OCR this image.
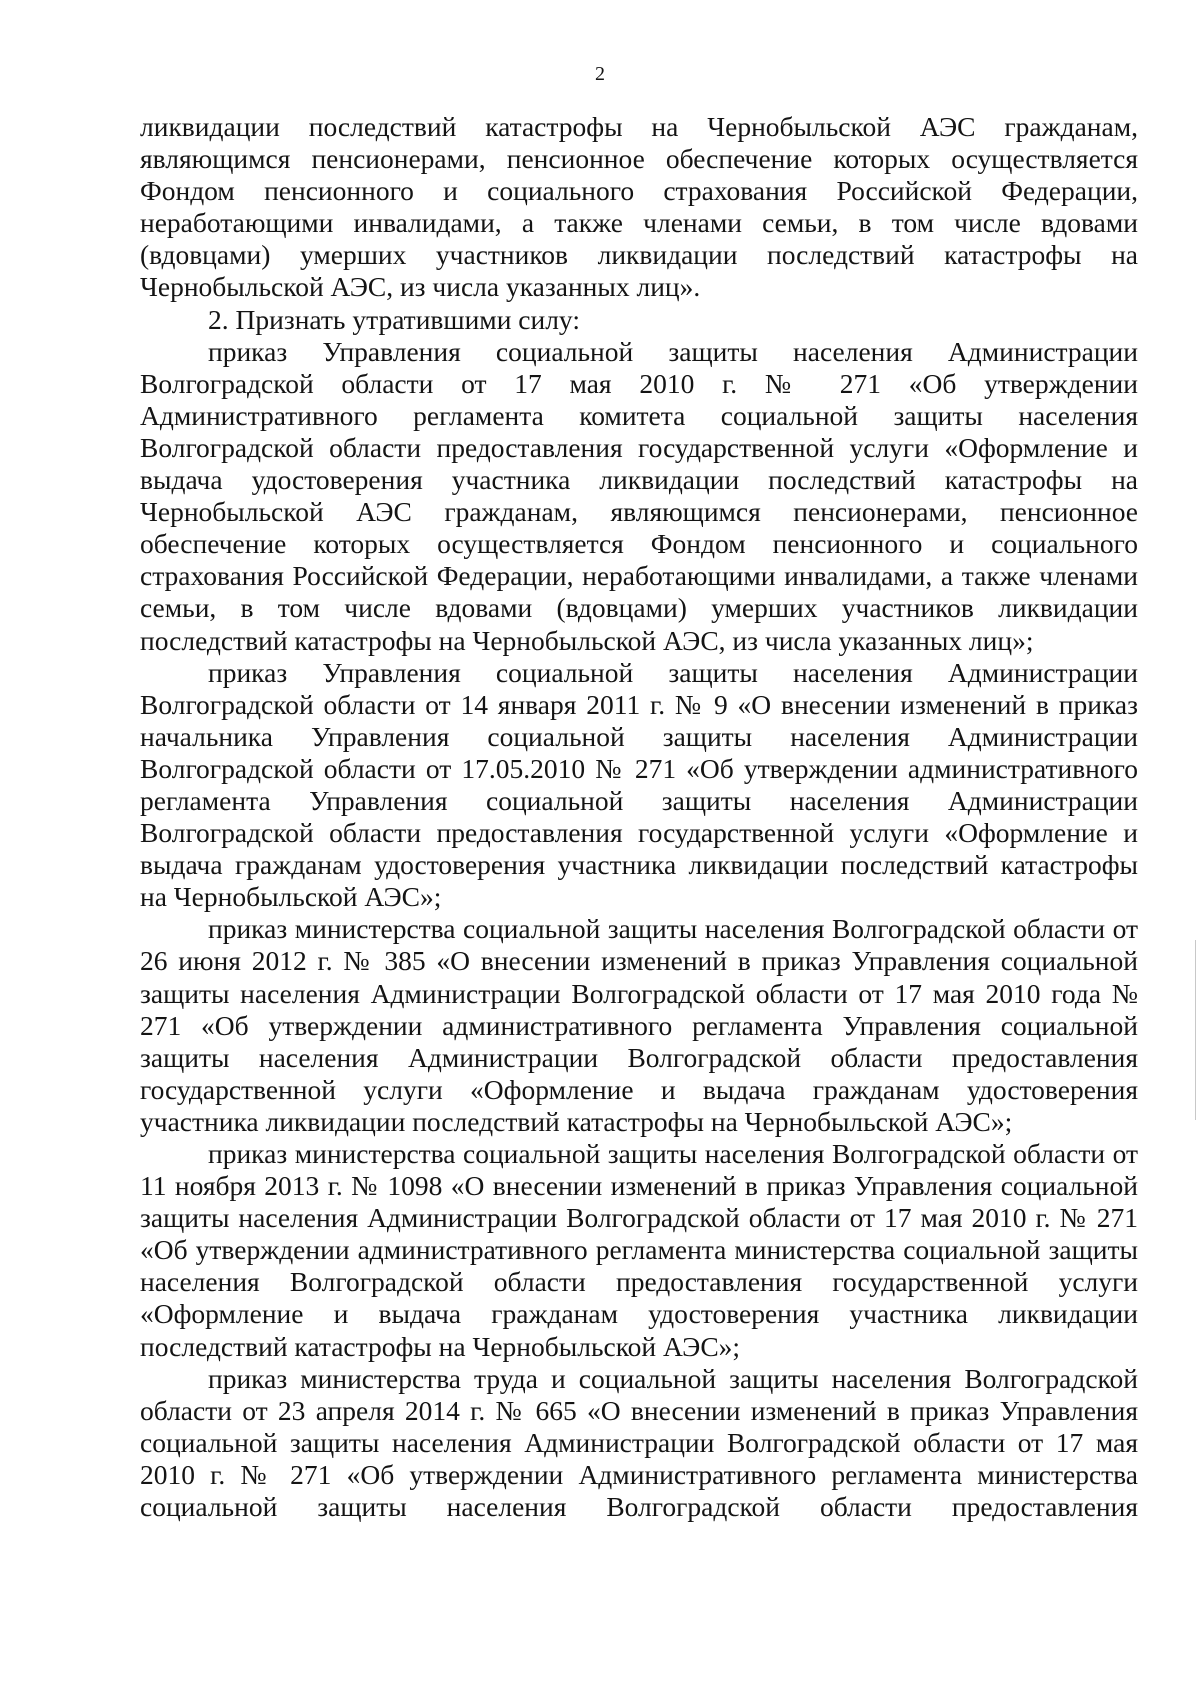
2

ликвидации последствий катастрофы на Чернобыльской АЭС гражданам, являющимся пенсионерами, пенсионное обеспечение которых осуществляется Фондом пенсионного и социального страхования Российской Федерации, неработающими инвалидами, а также членами семьи, в том числе вдовами (вдовцами) умерших участников ликвидации последствий катастрофы на Чернобыльской АЭС, из числа указанных лиц».

2. Признать утратившими силу:

приказ Управления социальной защиты населения Администрации Волгоградской области от 17 мая 2010 г. № 271 «Об утверждении Административного регламента комитета социальной защиты населения Волгоградской области предоставления государственной услуги «Оформление и выдача удостоверения участника ликвидации последствий катастрофы на Чернобыльской АЭС гражданам, являющимся пенсионерами, пенсионное обеспечение которых осуществляется Фондом пенсионного и социального страхования Российской Федерации, неработающими инвалидами, а также членами семьи, в том числе вдовами (вдовцами) умерших участников ликвидации последствий катастрофы на Чернобыльской АЭС, из числа указанных лиц»;

приказ Управления социальной защиты населения Администрации Волгоградской области от 14 января 2011 г. № 9 «О внесении изменений в приказ начальника Управления социальной защиты населения Администрации Волгоградской области от 17.05.2010 № 271 «Об утверждении административного регламента Управления социальной защиты населения Администрации Волгоградской области предоставления государственной услуги «Оформление и выдача гражданам удостоверения участника ликвидации последствий катастрофы на Чернобыльской АЭС»;

приказ министерства социальной защиты населения Волгоградской области от 26 июня 2012 г. № 385 «О внесении изменений в приказ Управления социальной защиты населения Администрации Волгоградской области от 17 мая 2010 года № 271 «Об утверждении административного регламента Управления социальной защиты населения Администрации Волгоградской области предоставления государственной услуги «Оформление и выдача гражданам удостоверения участника ликвидации последствий катастрофы на Чернобыльской АЭС»;

приказ министерства социальной защиты населения Волгоградской области от 11 ноября 2013 г. № 1098 «О внесении изменений в приказ Управления социальной защиты населения Администрации Волгоградской области от 17 мая 2010 г. № 271 «Об утверждении административного регламента министерства социальной защиты населения Волгоградской области предоставления государственной услуги «Оформление и выдача гражданам удостоверения участника ликвидации последствий катастрофы на Чернобыльской АЭС»;

приказ министерства труда и социальной защиты населения Волгоградской области от 23 апреля 2014 г. № 665 «О внесении изменений в приказ Управления социальной защиты населения Администрации Волгоградской области от 17 мая 2010 г. № 271 «Об утверждении Административного регламента министерства социальной защиты населения Волгоградской области предоставления
